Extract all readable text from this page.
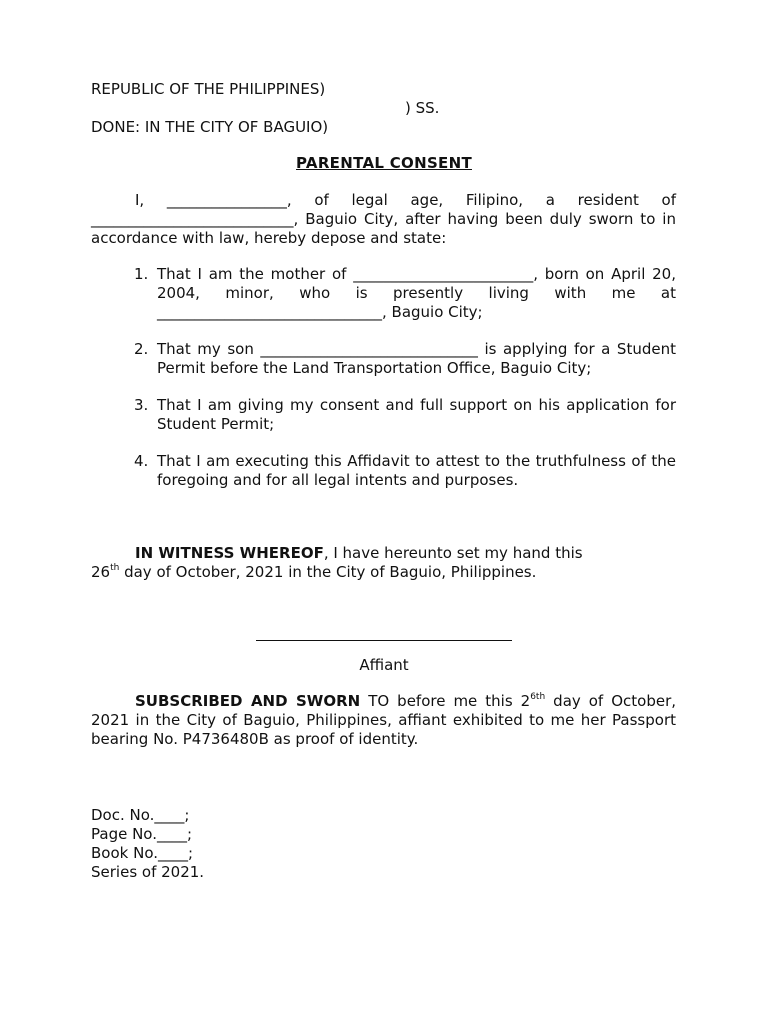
REPUBLIC OF THE PHILIPPINES)
) SS.
DONE: IN THE CITY OF BAGUIO)
PARENTAL CONSENT
I, ________________, of legal age, Filipino, a resident of ___________________________, Baguio City, after having been duly sworn to in accordance with law, hereby depose and state:
1. That I am the mother of ________________________, born on April 20, 2004, minor, who is presently living with me at ______________________________, Baguio City;
2. That my son _____________________________ is applying for a Student Permit before the Land Transportation Office, Baguio City;
3. That I am giving my consent and full support on his application for Student Permit;
4. That I am executing this Affidavit to attest to the truthfulness of the foregoing and for all legal intents and purposes.
IN WITNESS WHEREOF, I have hereunto set my hand this
26th day of October, 2021 in the City of Baguio, Philippines.
Affiant
SUBSCRIBED AND SWORN TO before me this $2^{6th}$ day of October, 2021 in the City of Baguio, Philippines, affiant exhibited to me her Passport bearing No. P4736480B as proof of identity.
Doc. No.____;
Page No.____;
Book No.____;
Series of 2021.
